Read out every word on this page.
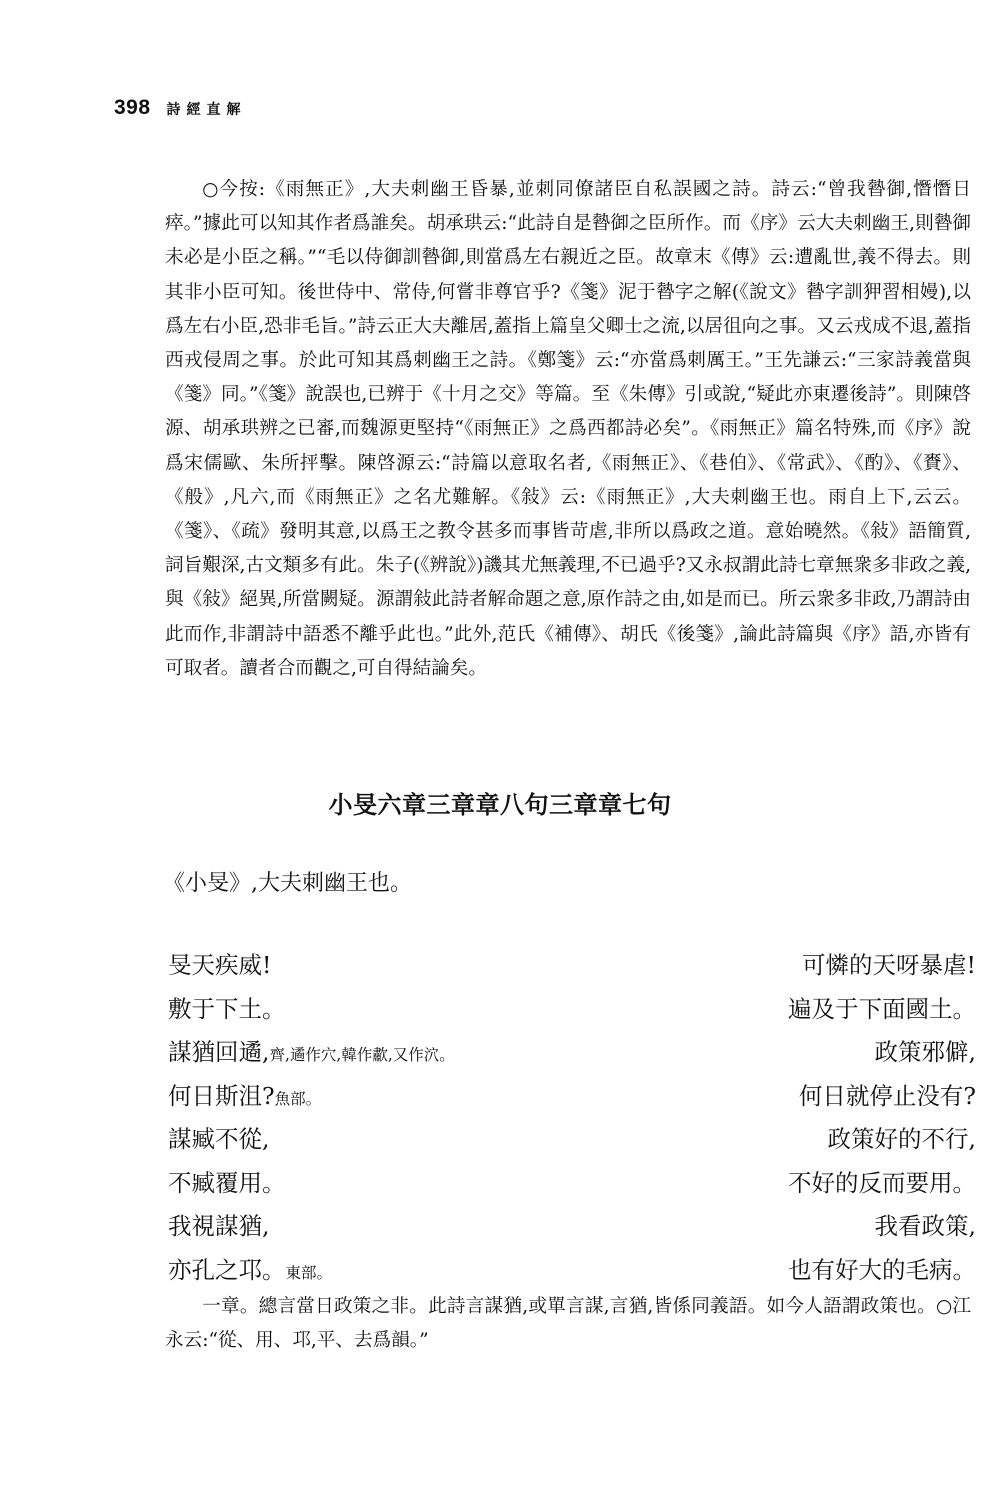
398 詩經直解

○今按:《雨無正》,大夫刺幽王昏暴,並刺同僚諸臣自私誤國之詩。詩云:“曾我暬御,憯憯日瘁。”據此可以知其作者爲誰矣。胡承珙云:“此詩自是暬御之臣所作。而《序》云大夫刺幽王,則暬御未必是小臣之稱。”“毛以侍御訓暬御,則當爲左右親近之臣。故章末《傳》云:遭亂世,義不得去。則其非小臣可知。後世侍中、常侍,何嘗非尊官乎?《箋》泥于暬字之解(《說文》暬字訓狎習相嫚),以爲左右小臣,恐非毛旨。”詩云正大夫離居,蓋指上篇皇父卿士之流,以居徂向之事。又云戎成不退,蓋指西戎侵周之事。於此可知其爲刺幽王之詩。《鄭箋》云:“亦當爲刺厲王。”王先謙云:“三家詩義當與《箋》同。”《箋》說誤也,已辨于《十月之交》等篇。至《朱傳》引或說,“疑此亦東遷後詩”。則陳啓源、胡承珙辨之已審,而魏源更堅持“《雨無正》之爲西都詩必矣”。《雨無正》篇名特殊,而《序》說爲宋儒歐、朱所抨擊。陳啓源云:“詩篇以意取名者,《雨無正》、《巷伯》、《常武》、《酌》、《賚》、《般》,凡六,而《雨無正》之名尤難解。《敍》云:《雨無正》,大夫刺幽王也。雨自上下,云云。《箋》、《疏》發明其意,以爲王之教令甚多而事皆苛虐,非所以爲政之道。意始曉然。《敍》語簡質,詞旨艱深,古文類多有此。朱子(《辨說》)譏其尤無義理,不已過乎?又永叔謂此詩七章無衆多非政之義,與《敍》絕異,所當闕疑。源謂敍此詩者解命題之意,原作詩之由,如是而已。所云衆多非政,乃謂詩由此而作,非謂詩中語悉不離乎此也。”此外,范氏《補傳》、胡氏《後箋》,論此詩篇與《序》語,亦皆有可取者。讀者合而觀之,可自得結論矣。

小旻六章三章章八句三章章七句
《小旻》,大夫刺幽王也。
旻天疾威!	可憐的天呀暴虐!
敷于下土。	遍及于下面國土。
謀猶回遹,齊,遹作穴,韓作歗,又作泬。	政策邪僻,
何日斯沮?魚部。	何日就停止没有?
謀臧不從,	政策好的不行,
不臧覆用。	不好的反而要用。
我視謀猶,	我看政策,
亦孔之邛。東部。	也有好大的毛病。

一章。總言當日政策之非。此詩言謀猶,或單言謀,言猶,皆係同義語。如今人語謂政策也。○江永云:“從、用、邛,平、去爲韻。”
